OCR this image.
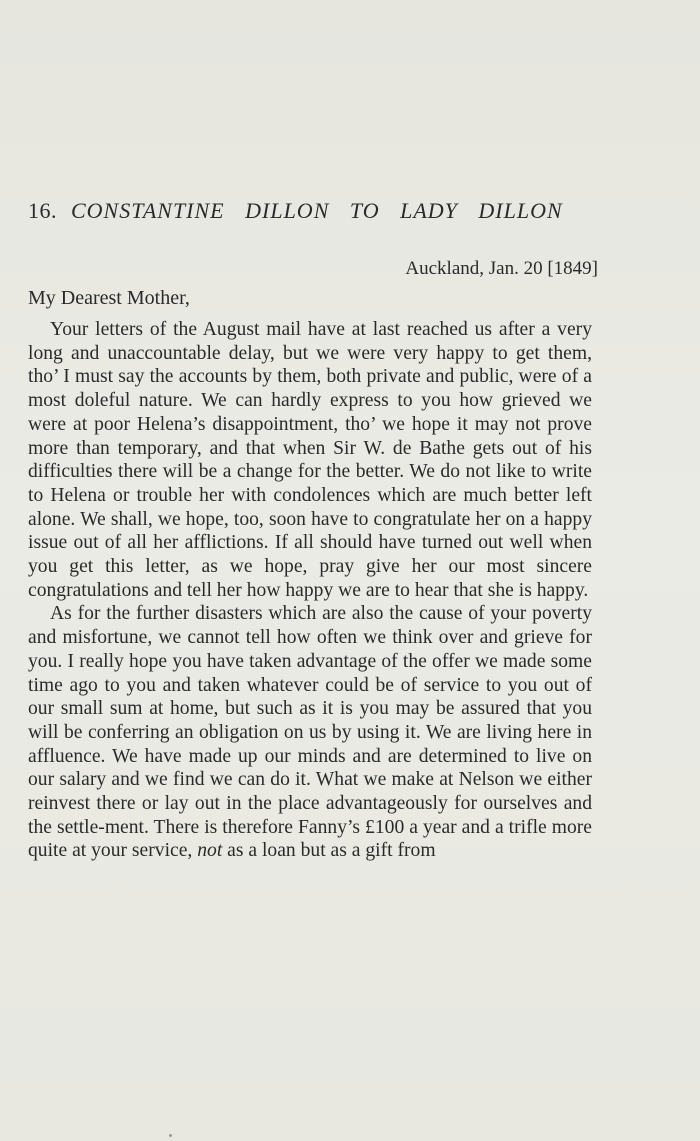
16. CONSTANTINE DILLON TO LADY DILLON
Auckland, Jan. 20 [1849]
My Dearest Mother,

Your letters of the August mail have at last reached us after a very long and unaccountable delay, but we were very happy to get them, tho’ I must say the accounts by them, both private and public, were of a most doleful nature. We can hardly express to you how grieved we were at poor Helena’s disappointment, tho’ we hope it may not prove more than temporary, and that when Sir W. de Bathe gets out of his difficulties there will be a change for the better. We do not like to write to Helena or trouble her with condolences which are much better left alone. We shall, we hope, too, soon have to congratulate her on a happy issue out of all her afflictions. If all should have turned out well when you get this letter, as we hope, pray give her our most sincere congratulations and tell her how happy we are to hear that she is happy.

As for the further disasters which are also the cause of your poverty and misfortune, we cannot tell how often we think over and grieve for you. I really hope you have taken advantage of the offer we made some time ago to you and taken whatever could be of service to you out of our small sum at home, but such as it is you may be assured that you will be conferring an obligation on us by using it. We are living here in affluence. We have made up our minds and are determined to live on our salary and we find we can do it. What we make at Nelson we either reinvest there or lay out in the place advantageously for ourselves and the settle-ment. There is therefore Fanny’s £100 a year and a trifle more quite at your service, not as a loan but as a gift from
